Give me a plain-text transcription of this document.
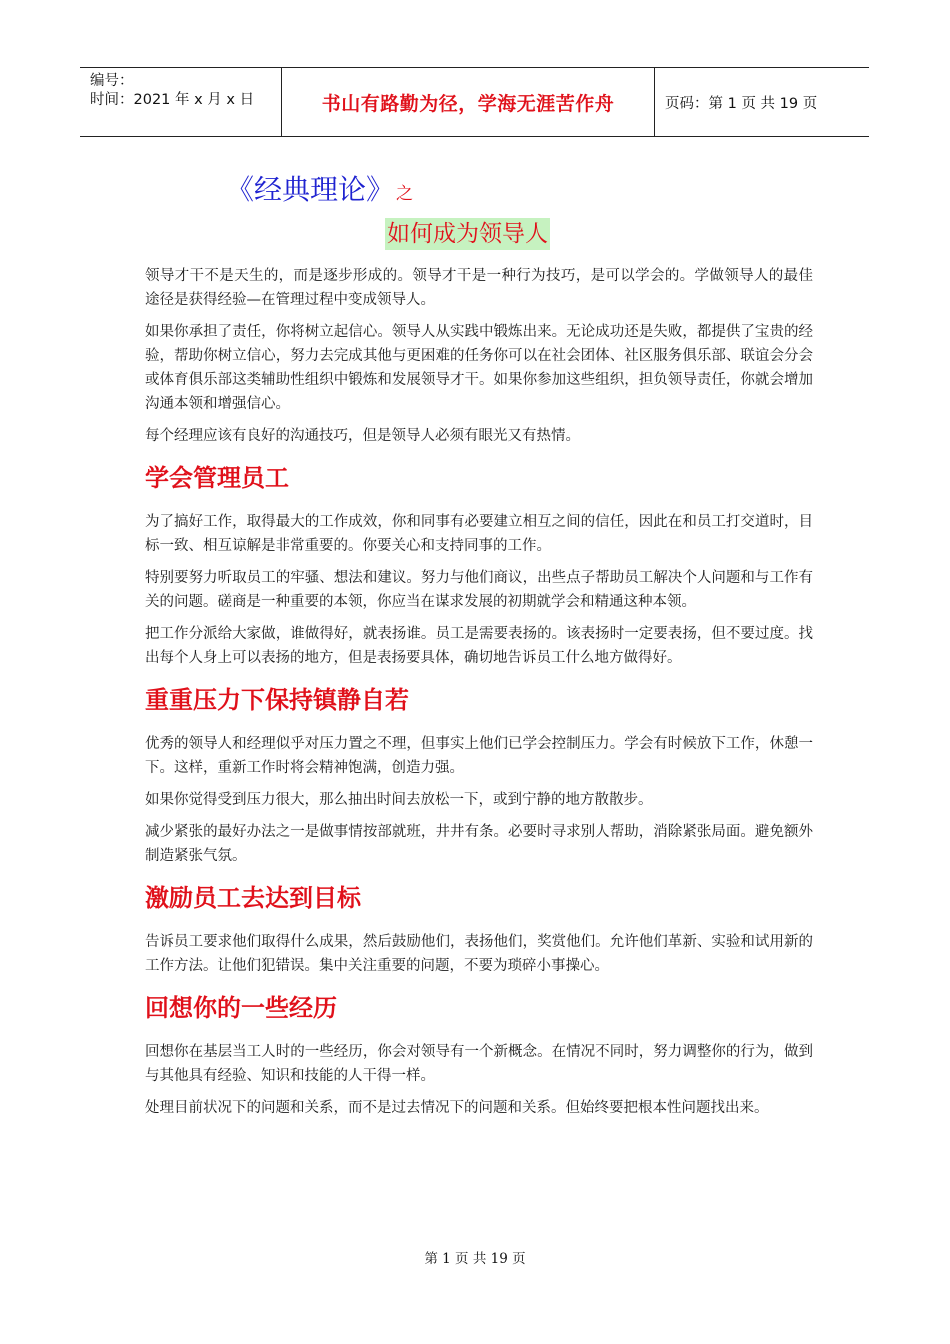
编号：
时间：2021 年 x 月 x 日	书山有路勤为径，学海无涯苦作舟	页码：第 1 页 共 19 页
《经典理论》 之
如何成为领导人

领导才干不是天生的，而是逐步形成的。领导才干是一种行为技巧，是可以学会的。学做领导人的最佳 途径是获得经验—在管理过程中变成领导人。

如果你承担了责任，你将树立起信心。领导人从实践中锻炼出来。无论成功还是失败，都提供了宝贵的经验，帮助你树立信心，努力去完成其他与更困难的任务你可以在社会团体、社区服务俱乐部、联谊会分会或体育俱乐部这类辅助性组织中锻炼和发展领导才干。如果你参加这些组织，担负领导责任，你就会增加沟通本领和增强信心。

每个经理应该有良好的沟通技巧，但是领导人必须有眼光又有热情。

学会管理员工

为了搞好工作，取得最大的工作成效，你和同事有必要建立相互之间的信任，因此在和员工打交道时，目标一致、相互谅解是非常重要的。你要关心和支持同事的工作。

特别要努力听取员工的牢骚、想法和建议。努力与他们商议，出些点子帮助员工解决个人问题和与工作有关的问题。磋商是一种重要的本领，你应当在谋求发展的初期就学会和精通这种本领。

把工作分派给大家做，谁做得好，就表扬谁。员工是需要表扬的。该表扬时一定要表扬，但不要过度。找出每个人身上可以表扬的地方，但是表扬要具体，确切地告诉员工什么地方做得好。

重重压力下保持镇静自若

优秀的领导人和经理似乎对压力置之不理，但事实上他们已学会控制压力。学会有时候放下工作，休憩一下。这样，重新工作时将会精神饱满，创造力强。

如果你觉得受到压力很大，那么抽出时间去放松一下，或到宁静的地方散散步。

减少紧张的最好办法之一是做事情按部就班，井井有条。必要时寻求别人帮助，消除紧张局面。避免额外制造紧张气氛。

激励员工去达到目标

告诉员工要求他们取得什么成果，然后鼓励他们，表扬他们，奖赏他们。允许他们革新、实验和试用新的工作方法。让他们犯错误。集中关注重要的问题，不要为琐碎小事操心。

回想你的一些经历

回想你在基层当工人时的一些经历，你会对领导有一个新概念。在情况不同时，努力调整你的行为，做到与其他具有经验、知识和技能的人干得一样。

处理目前状况下的问题和关系，而不是过去情况下的问题和关系。但始终要把根本性问题找出来。

第 1 页 共 19 页
